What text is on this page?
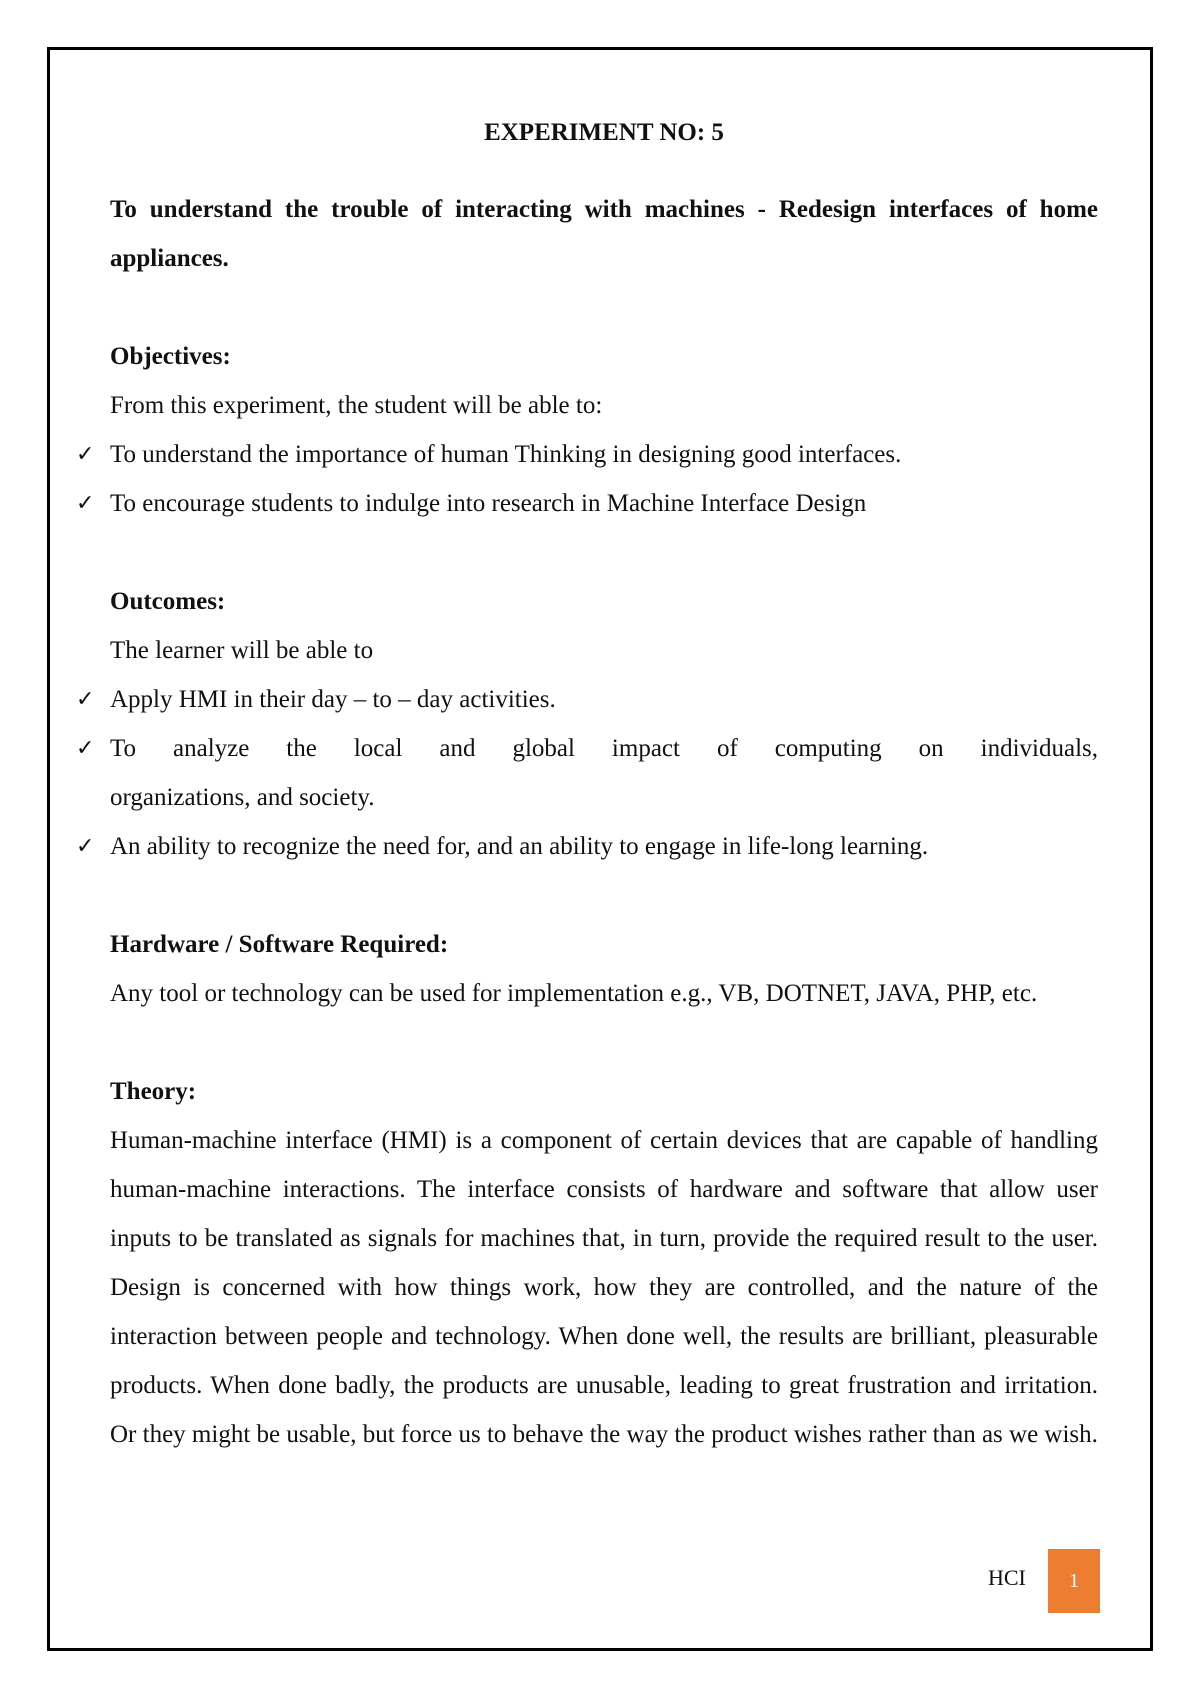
EXPERIMENT NO: 5

To understand the trouble of interacting with machines - Redesign interfaces of home appliances.

Objectives:

From this experiment, the student will be able to:

✓ To understand the importance of human Thinking in designing good interfaces.
✓ To encourage students to indulge into research in Machine Interface Design

Outcomes:

The learner will be able to

✓ Apply HMI in their day – to – day activities.
✓ To analyze the local and global impact of computing on individuals,
organizations, and society.
✓ An ability to recognize the need for, and an ability to engage in life-long learning.

Hardware / Software Required:

Any tool or technology can be used for implementation e.g., VB, DOTNET, JAVA, PHP, etc.

Theory:

Human-machine interface (HMI) is a component of certain devices that are capable of handling human-machine interactions. The interface consists of hardware and software that allow user inputs to be translated as signals for machines that, in turn, provide the required result to the user. Design is concerned with how things work, how they are controlled, and the nature of the interaction between people and technology. When done well, the results are brilliant, pleasurable products. When done badly, the products are unusable, leading to great frustration and irritation. Or they might be usable, but force us to behave the way the product wishes rather than as we wish.

HCI	1
